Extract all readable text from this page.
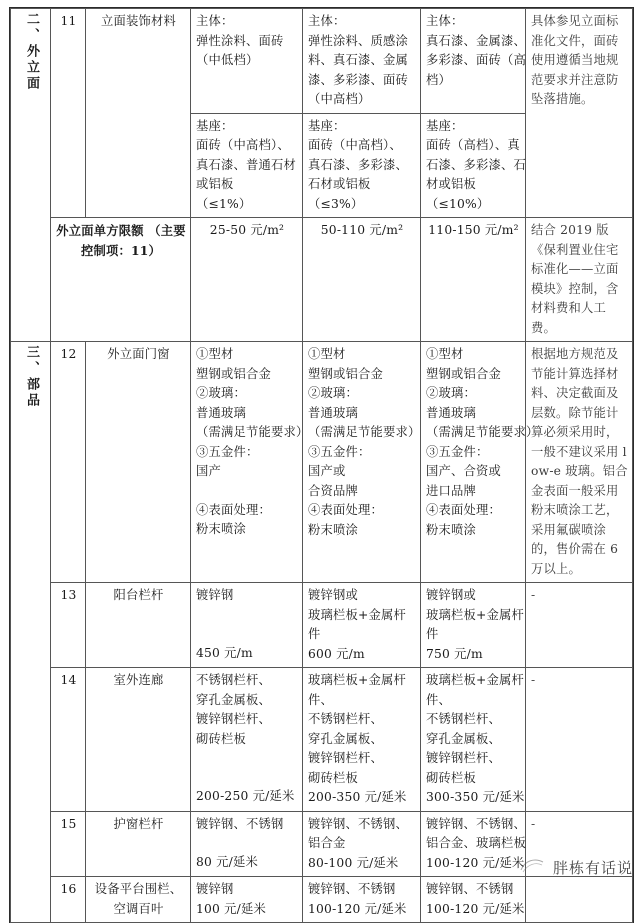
二、外立面	11	立面装饰材料	主体：
弹性涂料、面砖
（中低档）	主体：
弹性涂料、质感涂
料、真石漆、金属
漆、多彩漆、面砖
（中高档）	主体：
真石漆、金属漆、
多彩漆、面砖（高
档）	具体参见立面标准化文件，面砖使用遵循当地规范要求并注意防坠落措施。

			基座：
面砖（中高档）、
真石漆、普通石材
或铝板
（≤1%）	基座：
面砖（中高档）、
真石漆、多彩漆、
石材或铝板
（≤3%）	基座：
面砖（高档）、真
石漆、多彩漆、石
材或铝板
（≤10%）	

	外立面单方限额 （主要控制项：11）		25-50 元/m²	50-110 元/m²	110-150 元/m²	结合 2019 版《保利置业住宅标准化——立面模块》控制，含材料费和人工费。
三、部品	12	外立面门窗	①型材
塑钢或铝合金
②玻璃：
普通玻璃
（需满足节能要求）
③五金件：
国产
④表面处理：
粉末喷涂

①型材
塑钢或铝合金
②玻璃：
普通玻璃
（需满足节能要求）
③五金件：
国产或
合资品牌
④表面处理：
粉末喷涂

①型材
塑钢或铝合金
②玻璃：
普通玻璃
（需满足节能要求）
③五金件：
国产、合资或
进口品牌
④表面处理：
粉末喷涂
	根据地方规范及节能计算选择材料、决定截面及层数。除节能计算必须采用时，一般不建议采用 low-e 玻璃。铝合金表面一般采用粉末喷涂工艺，采用氟碳喷涂的，售价需在 6 万以上。
	13	阳台栏杆	镀锌钢
450 元/m	镀锌钢或
玻璃栏板+金属杆
件
600 元/m	镀锌钢或
玻璃栏板+金属杆
件
750 元/m	-
14	室外连廊	不锈钢栏杆、
穿孔金属板、
镀锌钢栏杆、
砌砖栏板
200-250 元/延米

玻璃栏板+金属杆
件、
不锈钢栏杆、
穿孔金属板、
镀锌钢栏杆、
砌砖栏板
200-350 元/延米

玻璃栏板+金属杆
件、
不锈钢栏杆、
穿孔金属板、
镀锌钢栏杆、
砌砖栏板
300-350 元/延米
	-
	15	护窗栏杆	镀锌钢、不锈钢
80 元/延米	镀锌钢、不锈钢、
铝合金
80-100 元/延米	镀锌钢、不锈钢、
铝合金、玻璃栏板
100-120 元/延米	-
	16	设备平台围栏、 空调百叶	镀锌钢
100 元/延米	镀锌钢、不锈钢
100-120 元/延米	镀锌钢、不锈钢
100-120 元/延米	

胖栋有话说
